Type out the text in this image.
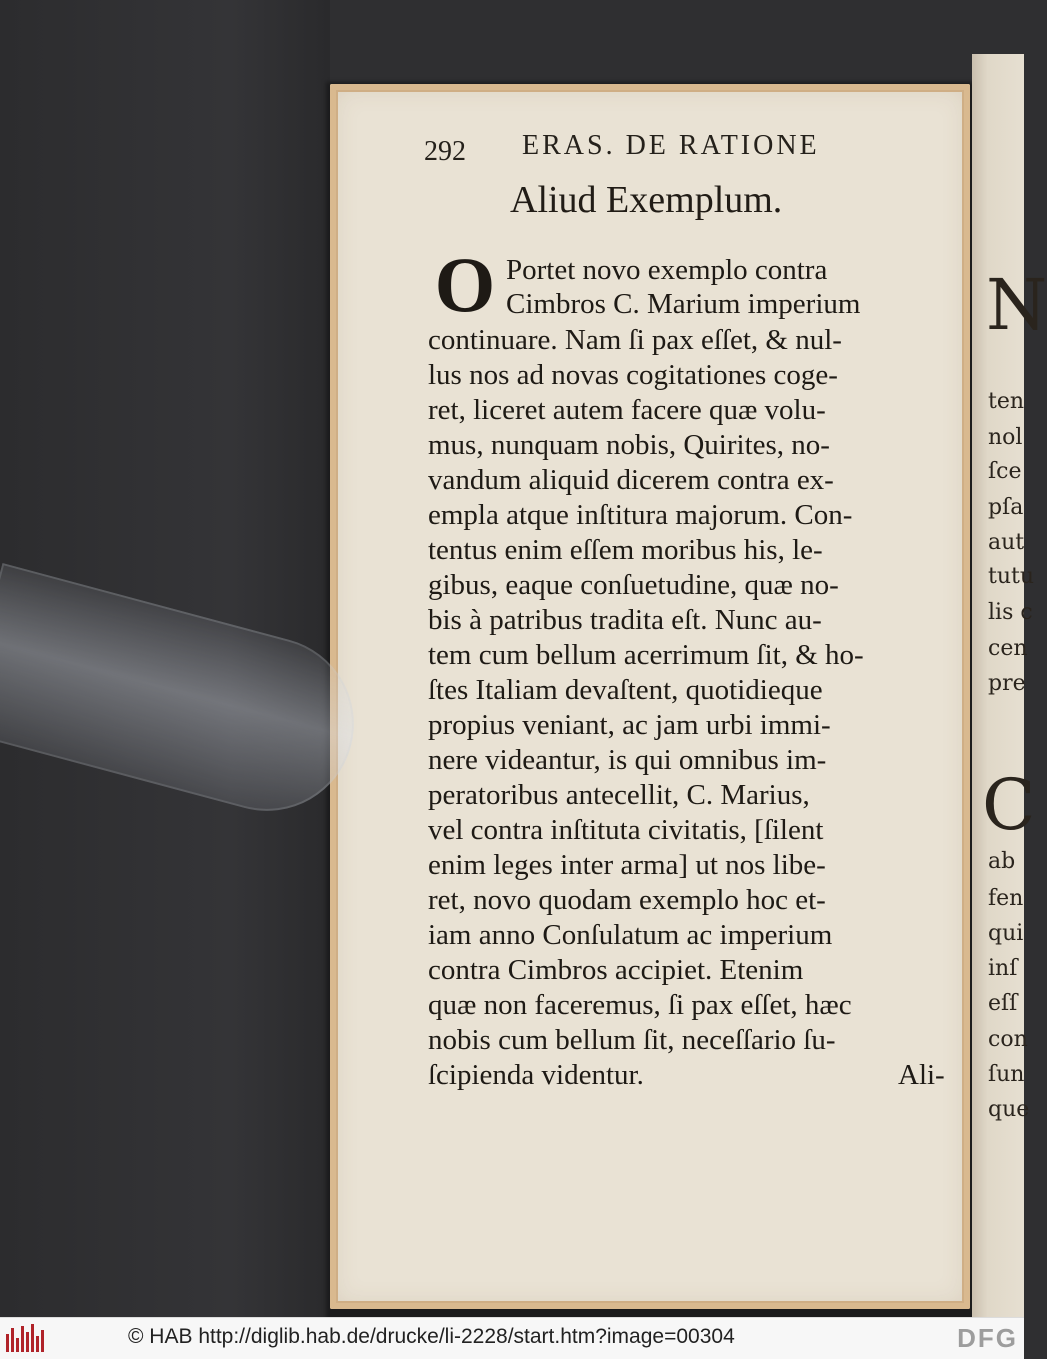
N
ten
nol
ſce
pſa
aut
tutu
lis c
cen
pre
C
ab
fen
qui
inſ
eſſ
con
ſun
que
292 ERAS. DE RATIONE
Aliud Exemplum.
O Portet novo exemplo contra
Cimbros C. Marium imperium
continuare. Nam ſi pax eſſet, & nul-
lus nos ad novas cogitationes coge-
ret, liceret autem facere quæ volu-
mus, nunquam nobis, Quirites, no-
vandum aliquid dicerem contra ex-
empla atque inſtitura majorum. Con-
tentus enim eſſem moribus his, le-
gibus, eaque conſuetudine, quæ no-
bis à patribus tradita eſt. Nunc au-
tem cum bellum acerrimum ſit, & ho-
ſtes Italiam devaſtent, quotidieque
propius veniant, ac jam urbi immi-
nere videantur, is qui omnibus im-
peratoribus antecellit, C. Marius,
vel contra inſtituta civitatis, [ſilent
enim leges inter arma] ut nos libe-
ret, novo quodam exemplo hoc et-
iam anno Conſulatum ac imperium
contra Cimbros accipiet. Etenim
quæ non faceremus, ſi pax eſſet, hæc
nobis cum bellum ſit, neceſſario ſu-
ſcipienda videntur.	Ali-
© HAB http://diglib.hab.de/drucke/li-2228/start.htm?image=00304	DFG
